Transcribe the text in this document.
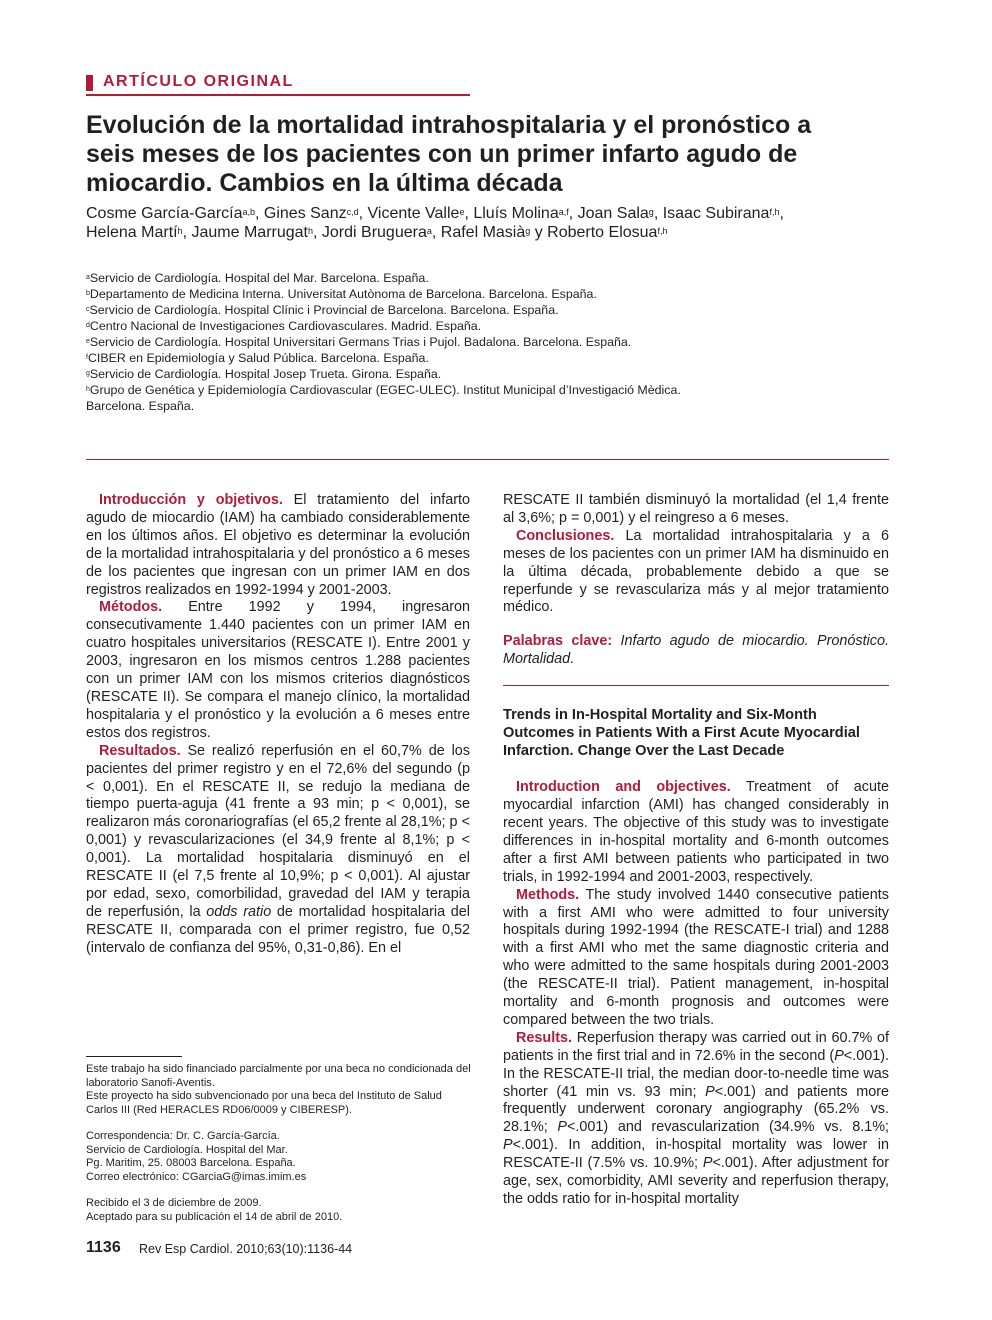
ARTÍCULO ORIGINAL
Evolución de la mortalidad intrahospitalaria y el pronóstico a seis meses de los pacientes con un primer infarto agudo de miocardio. Cambios en la última década
Cosme García-García$^{a,b}$, Gines Sanz$^{c,d}$, Vicente Valle$^e$, Lluís Molina$^{a,f}$, Joan Sala$^g$, Isaac Subirana$^{f,h}$,
Helena Martí$^h$, Jaume Marrugat$^h$, Jordi Bruguera$^a$, Rafel Masià$^g$ y Roberto Elosua$^{f,h}$
$^a$Servicio de Cardiología. Hospital del Mar. Barcelona. España.
$^b$Departamento de Medicina Interna. Universitat Autònoma de Barcelona. Barcelona. España.
$^c$Servicio de Cardiología. Hospital Clínic i Provincial de Barcelona. Barcelona. España.
$^d$Centro Nacional de Investigaciones Cardiovasculares. Madrid. España.
$^e$Servicio de Cardiología. Hospital Universitari Germans Trias i Pujol. Badalona. Barcelona. España.
$^f$CIBER en Epidemiología y Salud Pública. Barcelona. España.
$^g$Servicio de Cardiología. Hospital Josep Trueta. Girona. España.
$^h$Grupo de Genética y Epidemiología Cardiovascular (EGEC-ULEC). Institut Municipal d’Investigació Mèdica. Barcelona. España.

Introducción y objetivos. El tratamiento del infarto agudo de miocardio (IAM) ha cambiado considerablemente en los últimos años. El objetivo es determinar la evolución de la mortalidad intrahospitalaria y del pronóstico a 6 meses de los pacientes que ingresan con un primer IAM en dos registros realizados en 1992-1994 y 2001-2003.

Métodos. Entre 1992 y 1994, ingresaron consecutivamente 1.440 pacientes con un primer IAM en cuatro hospitales universitarios (RESCATE I). Entre 2001 y 2003, ingresaron en los mismos centros 1.288 pacientes con un primer IAM con los mismos criterios diagnósticos (RESCATE II). Se compara el manejo clínico, la mortalidad hospitalaria y el pronóstico y la evolución a 6 meses entre estos dos registros.

Resultados. Se realizó reperfusión en el 60,7% de los pacientes del primer registro y en el 72,6% del segundo (p < 0,001). En el RESCATE II, se redujo la mediana de tiempo puerta-aguja (41 frente a 93 min; p < 0,001), se realizaron más coronariografías (el 65,2 frente al 28,1%; p < 0,001) y revascularizaciones (el 34,9 frente al 8,1%; p < 0,001). La mortalidad hospitalaria disminuyó en el RESCATE II (el 7,5 frente al 10,9%; p < 0,001). Al ajustar por edad, sexo, comorbilidad, gravedad del IAM y terapia de reperfusión, la odds ratio de mortalidad hospitalaria del RESCATE II, comparada con el primer registro, fue 0,52 (intervalo de confianza del 95%, 0,31-0,86). En el

RESCATE II también disminuyó la mortalidad (el 1,4 frente al 3,6%; p = 0,001) y el reingreso a 6 meses.

Conclusiones. La mortalidad intrahospitalaria y a 6 meses de los pacientes con un primer IAM ha disminuido en la última década, probablemente debido a que se reperfunde y se revasculariza más y al mejor tratamiento médico.

Palabras clave: Infarto agudo de miocardio. Pronóstico. Mortalidad.

Trends in In-Hospital Mortality and Six-Month Outcomes in Patients With a First Acute Myocardial Infarction. Change Over the Last Decade

Introduction and objectives. Treatment of acute myocardial infarction (AMI) has changed considerably in recent years. The objective of this study was to investigate differences in in-hospital mortality and 6-month outcomes after a first AMI between patients who participated in two trials, in 1992-1994 and 2001-2003, respectively.

Methods. The study involved 1440 consecutive patients with a first AMI who were admitted to four university hospitals during 1992-1994 (the RESCATE-I trial) and 1288 with a first AMI who met the same diagnostic criteria and who were admitted to the same hospitals during 2001-2003 (the RESCATE-II trial). Patient management, in-hospital mortality and 6-month prognosis and outcomes were compared between the two trials.

Results. Reperfusion therapy was carried out in 60.7% of patients in the first trial and in 72.6% in the second (P<.001). In the RESCATE-II trial, the median door-to-needle time was shorter (41 min vs. 93 min; P<.001) and patients more frequently underwent coronary angiography (65.2% vs. 28.1%; P<.001) and revascularization (34.9% vs. 8.1%; P<.001). In addition, in-hospital mortality was lower in RESCATE-II (7.5% vs. 10.9%; P<.001). After adjustment for age, sex, comorbidity, AMI severity and reperfusion therapy, the odds ratio for in-hospital mortality

Este trabajo ha sido financiado parcialmente por una beca no condicionada del laboratorio Sanofi-Aventis.
Este proyecto ha sido subvencionado por una beca del Instituto de Salud Carlos III (Red HERACLES RD06/0009 y CIBERESP).
Correspondencia: Dr. C. García-García.
Servicio de Cardiología. Hospital del Mar.
Pg. Maritim, 25. 08003 Barcelona. España.
Correo electrónico: CGarciaG@imas.imim.es
Recibido el 3 de diciembre de 2009.
Aceptado para su publicación el 14 de abril de 2010.
1136 Rev Esp Cardiol. 2010;63(10):1136-44
